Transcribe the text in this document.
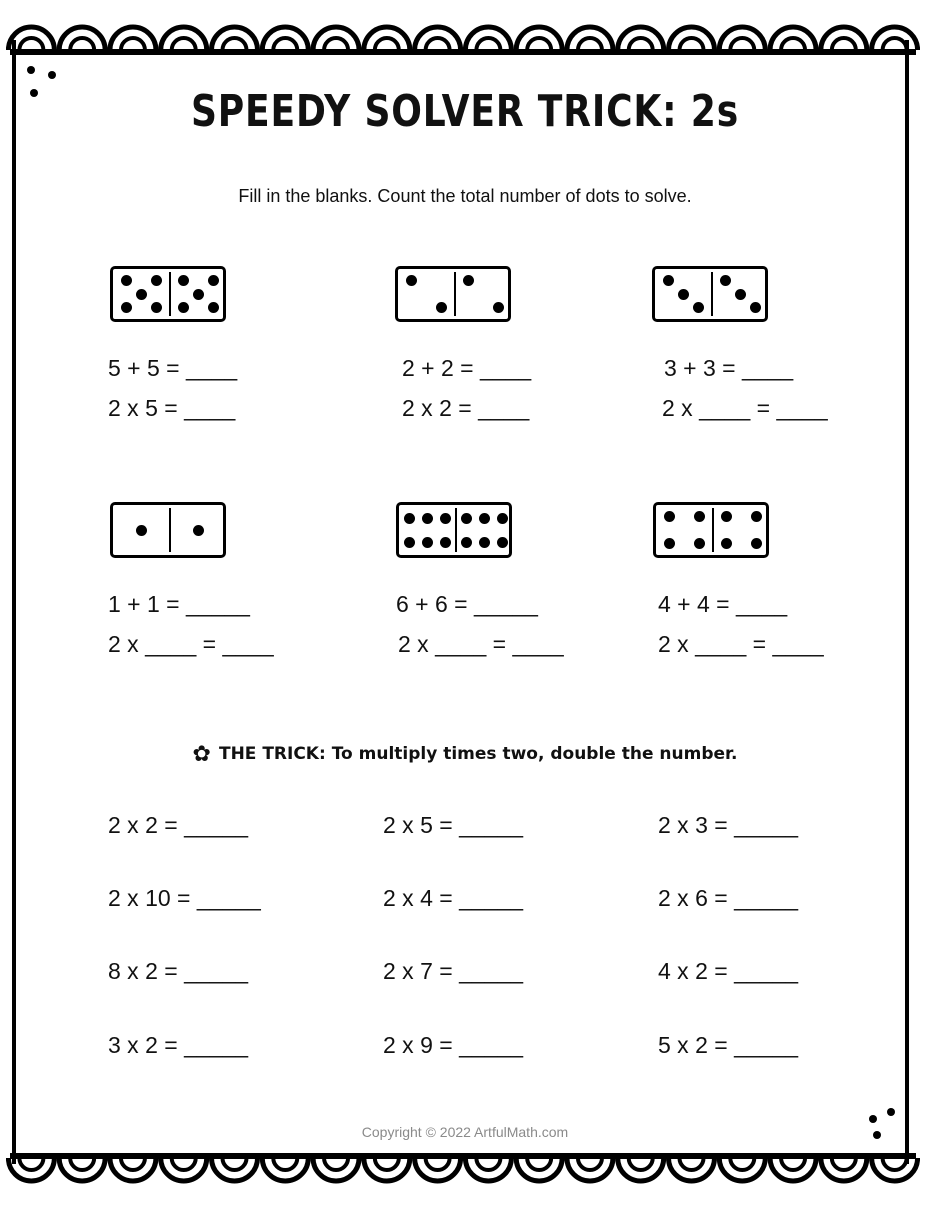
SPEEDY SOLVER TRICK: 2s
Fill in the blanks. Count the total number of dots to solve.
5 + 5 = ____
2 x 5 = ____
2 + 2 = ____
2 x 2 = ____
3 + 3 = ____
2 x ____ = ____
1 + 1 = _____
2 x ____ = ____
6 + 6 = _____
2 x ____ = ____
4 + 4 = ____
2 x ____ = ____
✿ THE TRICK: To multiply times two, double the number.
2 x 2 = _____	2 x 5 = _____	2 x 3 = _____
2 x 10 = _____	2 x 4 = _____	2 x 6 = _____
8 x 2 = _____	2 x 7 = _____	4 x 2 = _____
3 x 2 = _____	2 x 9 = _____	5 x 2 = _____
Copyright © 2022 ArtfulMath.com
